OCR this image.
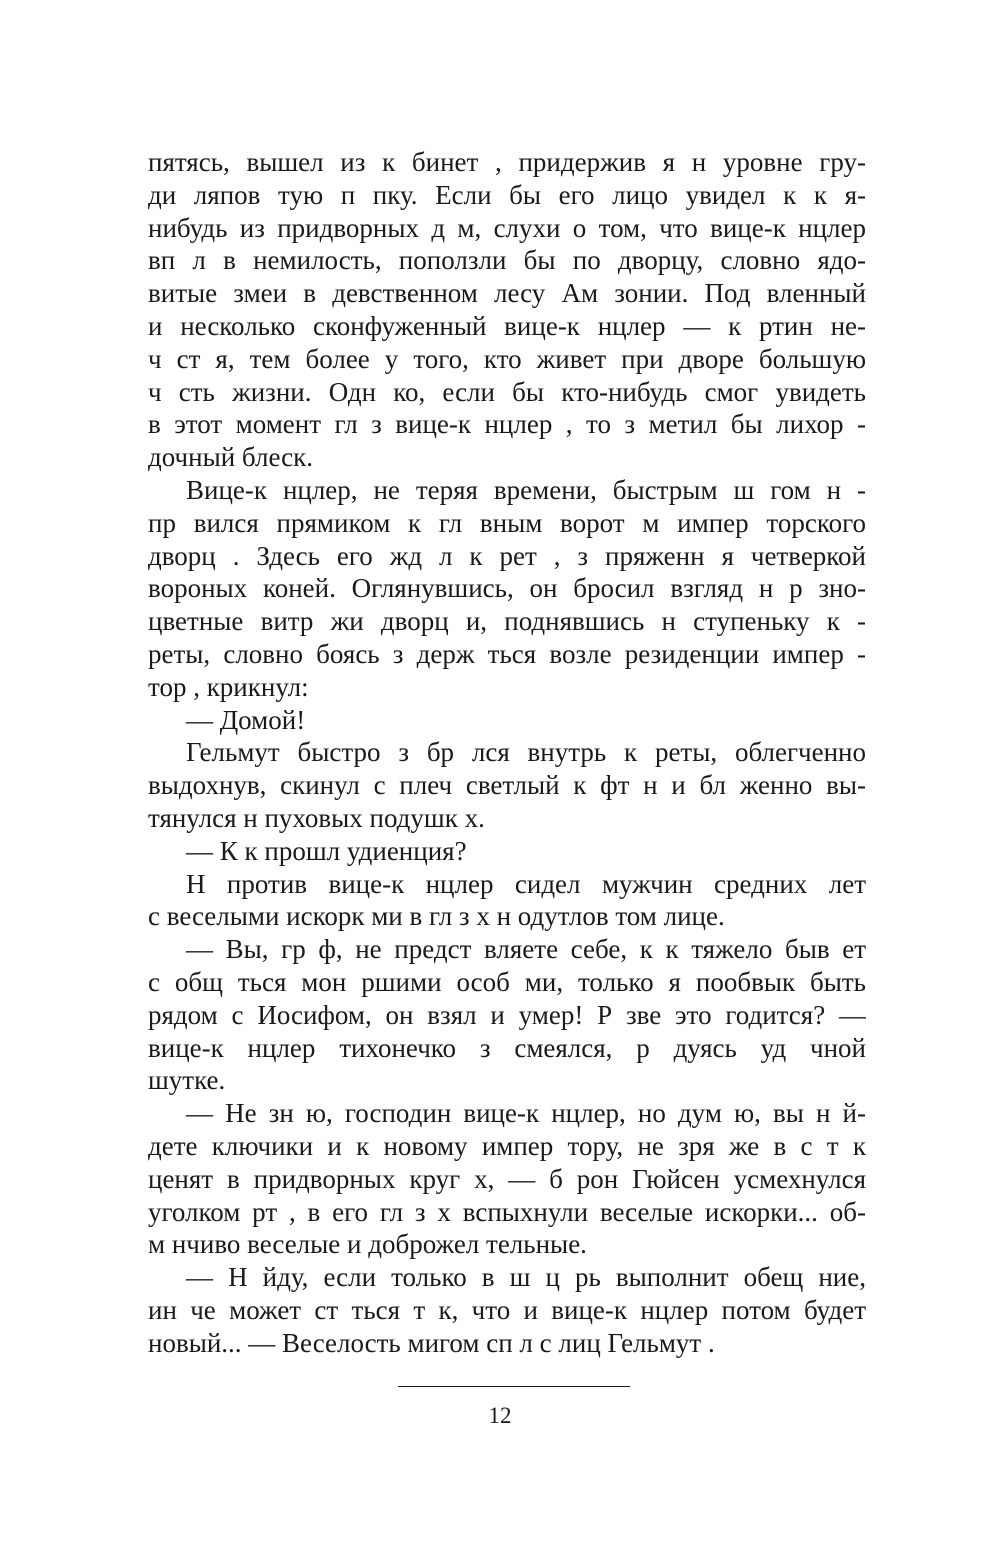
пятясь, вышел из к бинет , придержив я н уровне гру-
ди ляпов тую п пку. Если бы его лицо увидел к к я-
нибудь из придворных д м, слухи о том, что вице-к нцлер
вп л в немилость, поползли бы по дворцу, словно ядо-
витые змеи в девственном лесу Ам зонии. Под вленный
и несколько сконфуженный вице-к нцлер — к ртин не-
ч ст я, тем более у того, кто живет при дворе большую
ч сть жизни. Одн ко, если бы кто-нибудь смог увидеть
в этот момент гл з вице-к нцлер , то з метил бы лихор -
дочный блеск.
Вице-к нцлер, не теряя времени, быстрым ш гом н -
пр вился прямиком к гл вным ворот м импер торского
дворц . Здесь его жд л к рет , з пряженн я четверкой
вороных коней. Оглянувшись, он бросил взгляд н р зно-
цветные витр жи дворц и, поднявшись н ступеньку к -
реты, словно боясь з держ ться возле резиденции импер -
тор , крикнул:
— Домой!
Гельмут быстро з бр лся внутрь к реты, облегченно
выдохнув, скинул с плеч светлый к фт н и бл женно вы-
тянулся н пуховых подушк х.
— К к прошл удиенция?
Н против вице-к нцлер сидел мужчин средних лет
с веселыми искорк ми в гл з х н одутлов том лице.
— Вы, гр ф, не предст вляете себе, к к тяжело быв ет
с общ ться мон ршими особ ми, только я пообвык быть
рядом с Иосифом, он взял и умер! Р зве это годится? —
вице-к нцлер тихонечко з смеялся, р дуясь уд чной
шутке.
— Не зн ю, господин вице-к нцлер, но дум ю, вы н й-
дете ключики и к новому импер тору, не зря же в с т к
ценят в придворных круг х, — б рон Гюйсен усмехнулся
уголком рт , в его гл з х вспыхнули веселые искорки... об-
м нчиво веселые и доброжел тельные.
— Н йду, если только в ш ц рь выполнит обещ ние,
ин че может ст ться т к, что и вице-к нцлер потом будет
новый... — Веселость мигом сп л с лиц Гельмут .
12
